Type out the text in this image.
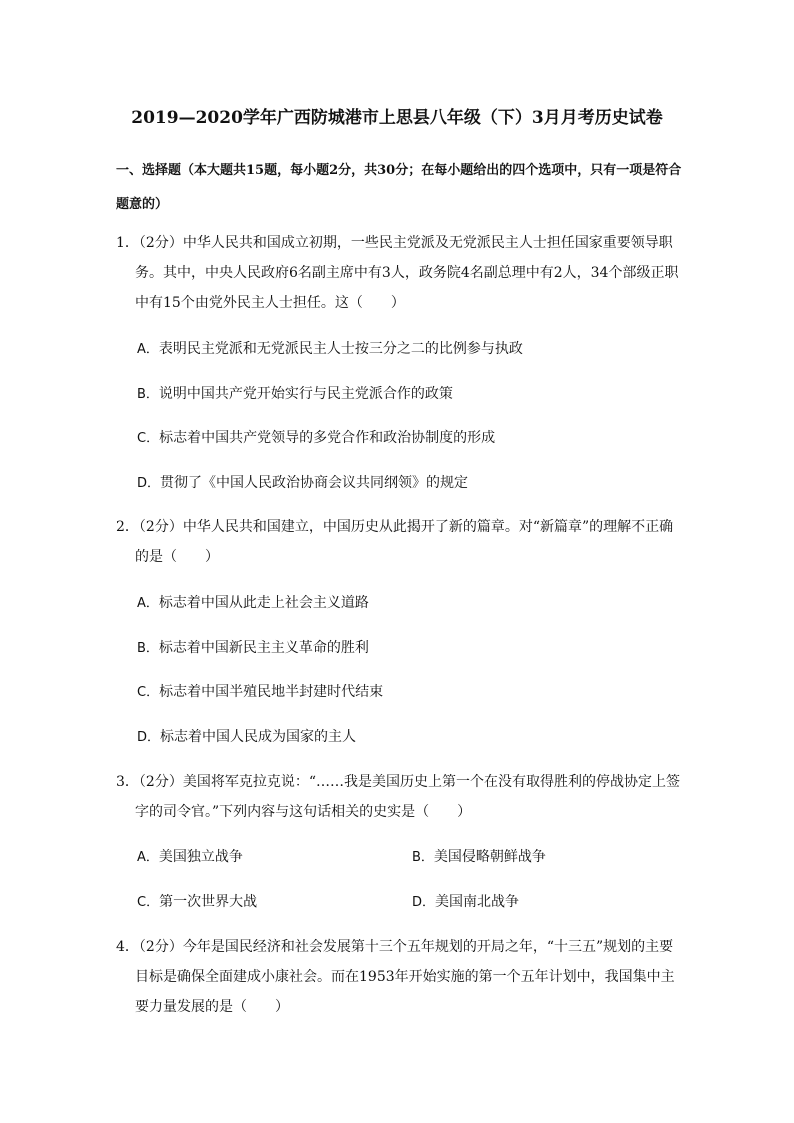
2019—2020学年广西防城港市上思县八年级（下）3月月考历史试卷
一、选择题（本大题共15题，每小题2分，共30分；在每小题给出的四个选项中，只有一项是符合题意的）
1．（2分）中华人民共和国成立初期，一些民主党派及无党派民主人士担任国家重要领导职务。其中，中央人民政府6名副主席中有3人，政务院4名副总理中有2人，34个部级正职中有15个由党外民主人士担任。这（　　）
A．表明民主党派和无党派民主人士按三分之二的比例参与执政
B．说明中国共产党开始实行与民主党派合作的政策
C．标志着中国共产党领导的多党合作和政治协制度的形成
D．贯彻了《中国人民政治协商会议共同纲领》的规定
2．（2分）中华人民共和国建立，中国历史从此揭开了新的篇章。对“新篇章”的理解不正确的是（　　）
A．标志着中国从此走上社会主义道路
B．标志着中国新民主主义革命的胜利
C．标志着中国半殖民地半封建时代结束
D．标志着中国人民成为国家的主人
3．（2分）美国将军克拉克说：“……我是美国历史上第一个在没有取得胜利的停战协定上签字的司令官。”下列内容与这句话相关的史实是（　　）
A．美国独立战争	B．美国侵略朝鲜战争
C．第一次世界大战	D．美国南北战争
4．（2分）今年是国民经济和社会发展第十三个五年规划的开局之年，“十三五”规划的主要目标是确保全面建成小康社会。而在1953年开始实施的第一个五年计划中，我国集中主要力量发展的是（　　）
